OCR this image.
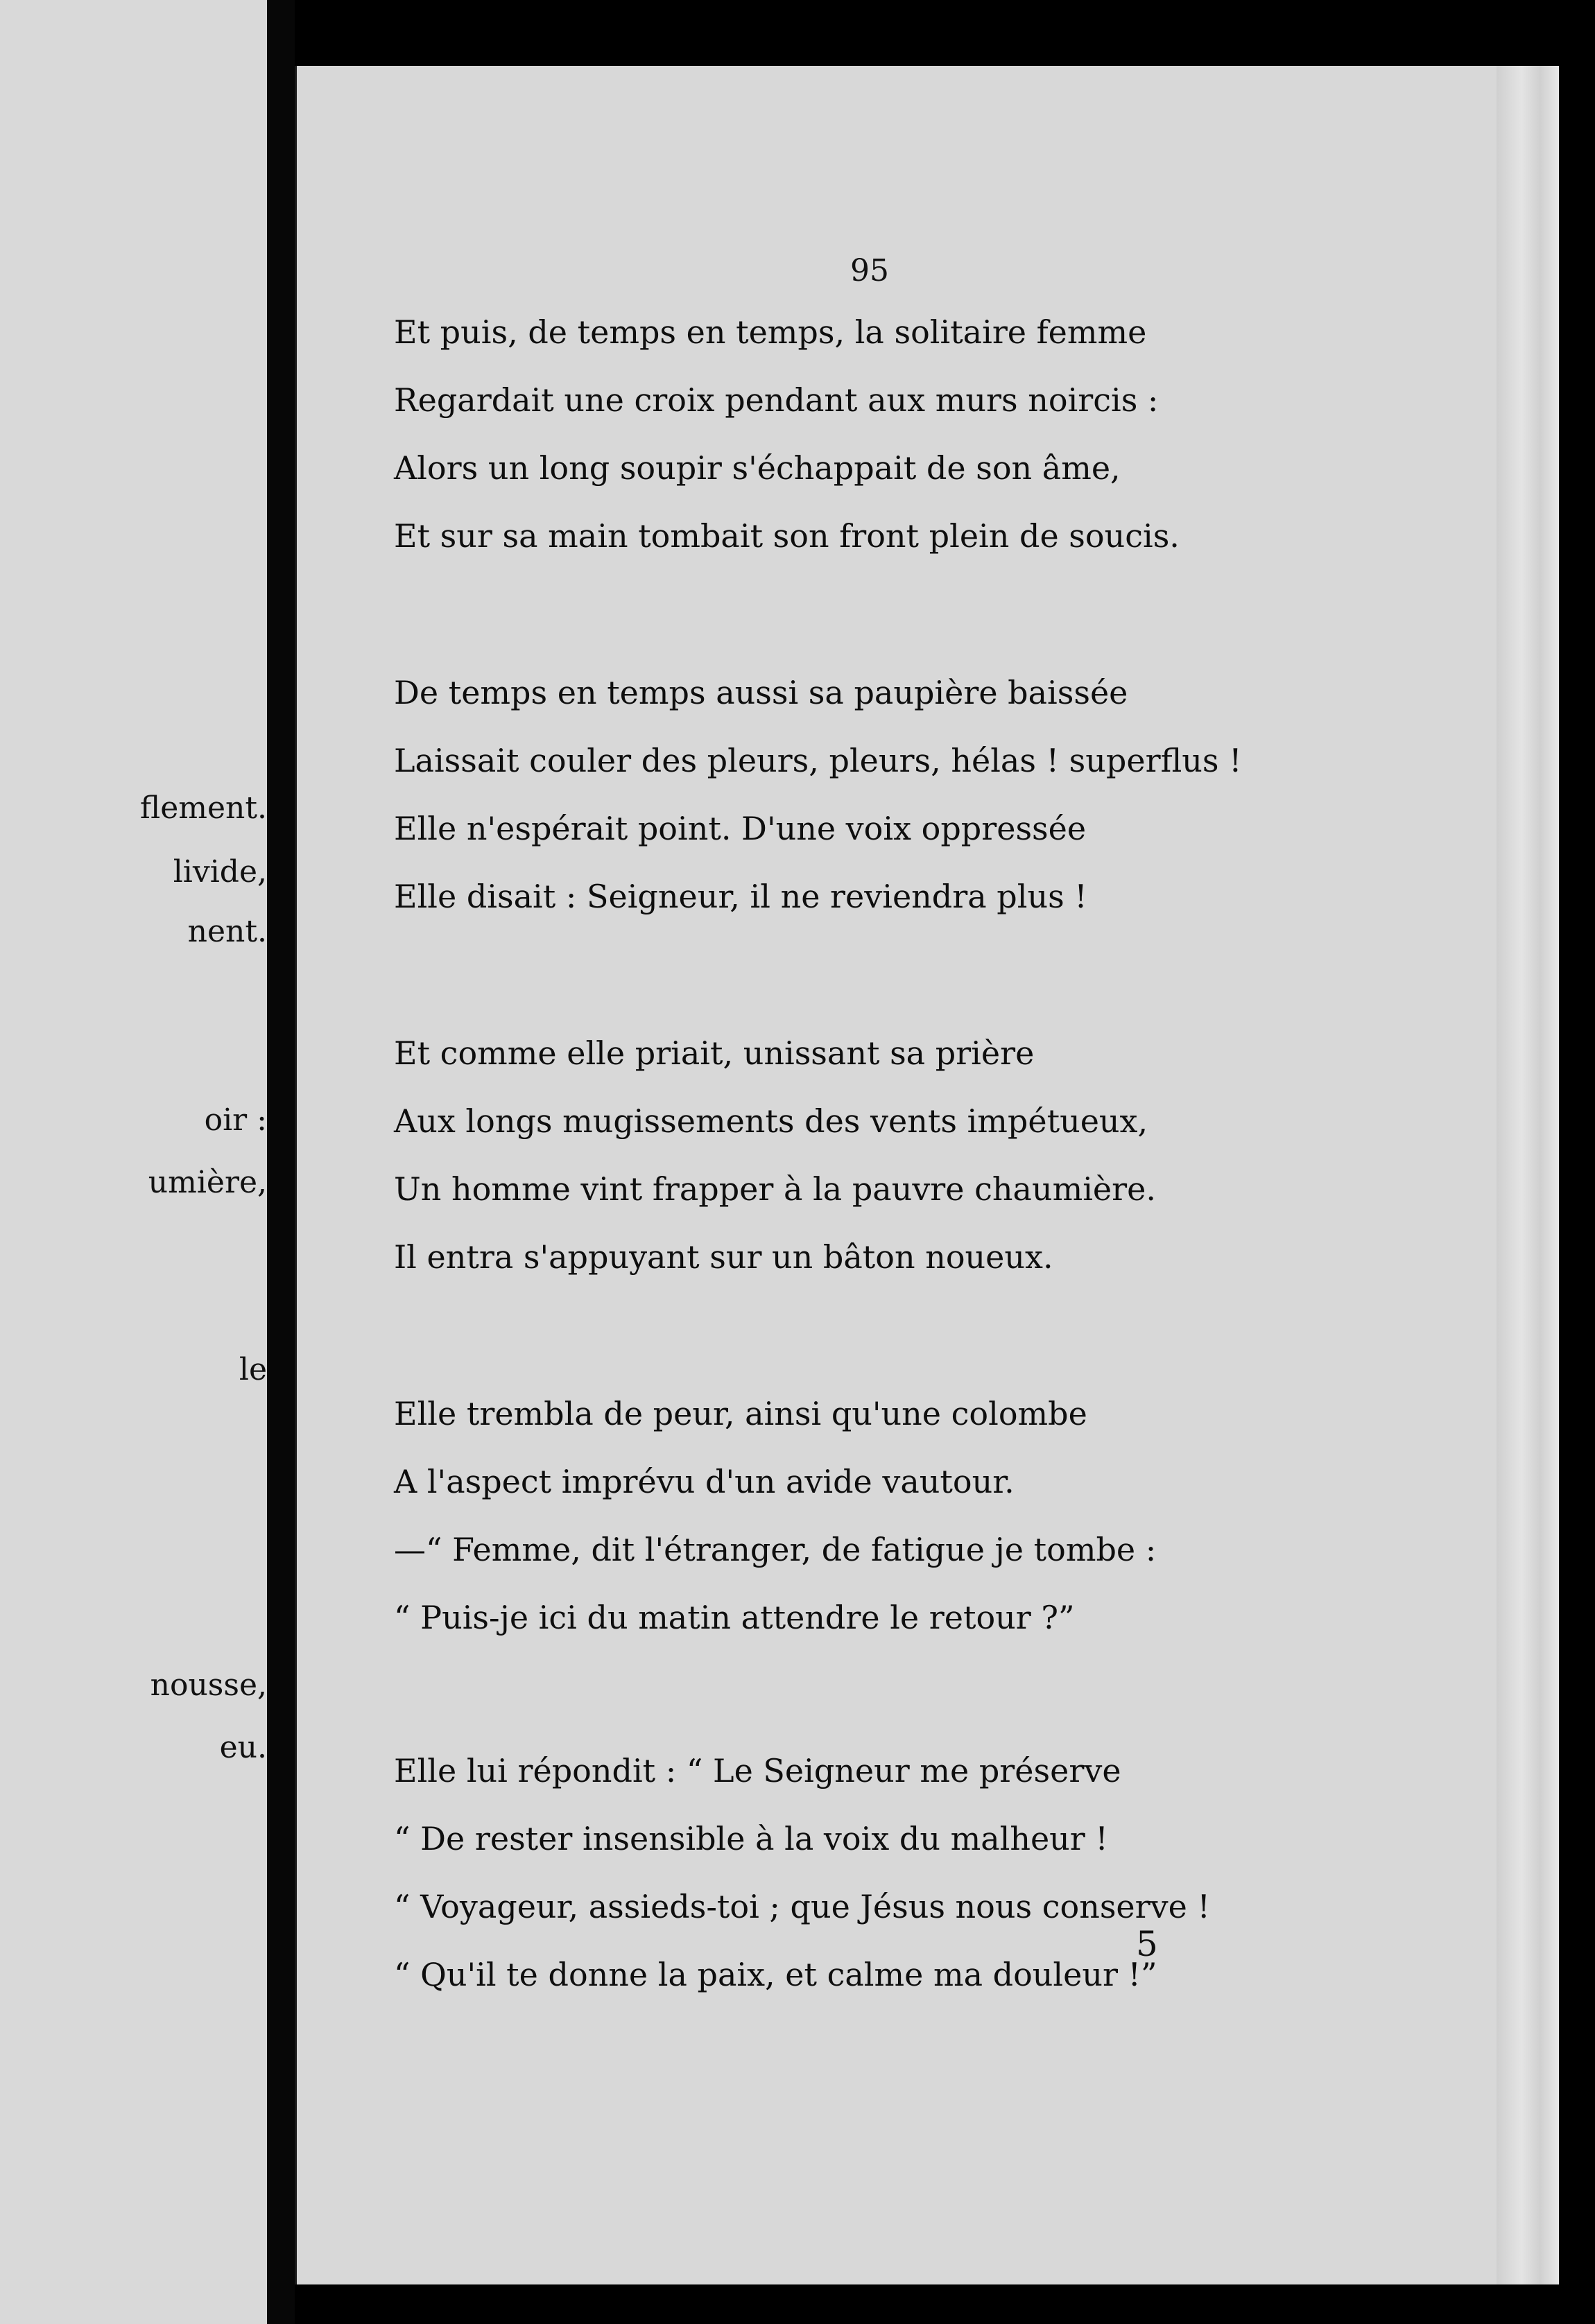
flement.
livide,
nent.
oir :
umière,
le
nousse,
eu.
95
Et puis, de temps en temps, la solitaire femme
Regardait une croix pendant aux murs noircis :
Alors un long soupir s'échappait de son âme,
Et sur sa main tombait son front plein de soucis.
De temps en temps aussi sa paupière baissée
Laissait couler des pleurs, pleurs, hélas ! superflus !
Elle n'espérait point. D'une voix oppressée
Elle disait : Seigneur, il ne reviendra plus !
Et comme elle priait, unissant sa prière
Aux longs mugissements des vents impétueux,
Un homme vint frapper à la pauvre chaumière.
Il entra s'appuyant sur un bâton noueux.
Elle trembla de peur, ainsi qu'une colombe
A l'aspect imprévu d'un avide vautour.
—“ Femme, dit l'étranger, de fatigue je tombe :
“ Puis-je ici du matin attendre le retour ?”
Elle lui répondit : “ Le Seigneur me préserve
“ De rester insensible à la voix du malheur !
“ Voyageur, assieds-toi ; que Jésus nous conserve !
“ Qu'il te donne la paix, et calme ma douleur !”
5
